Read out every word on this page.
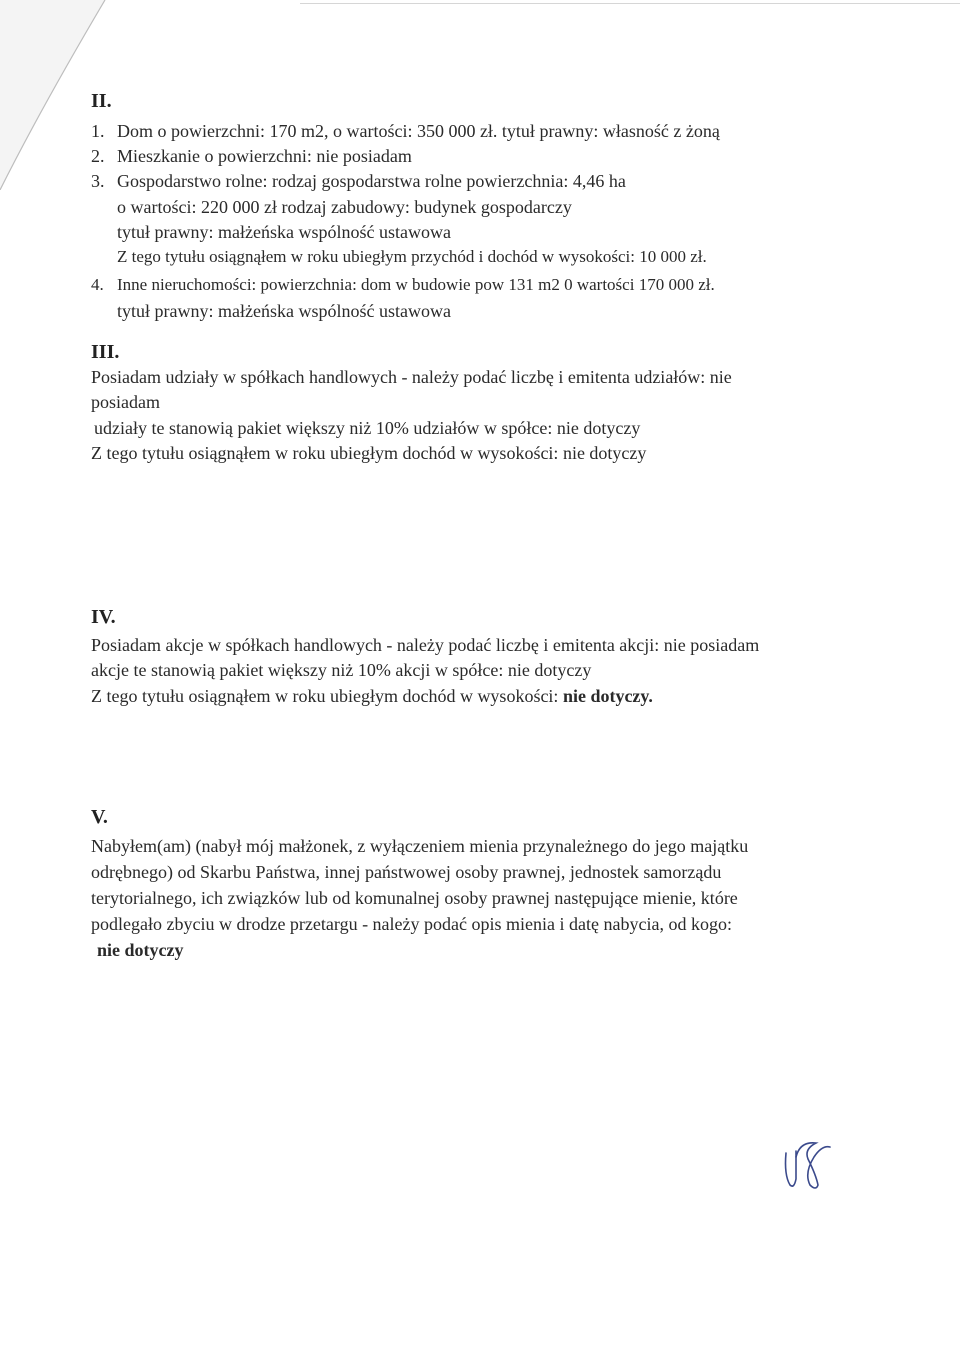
II.
1. Dom o powierzchni: 170 m2, o wartości: 350 000 zł. tytuł prawny: własność z żoną
2. Mieszkanie o powierzchni: nie posiadam
3. Gospodarstwo rolne: rodzaj gospodarstwa rolne powierzchnia: 4,46 ha
o wartości: 220 000 zł rodzaj zabudowy: budynek gospodarczy
tytuł prawny: małżeńska wspólność ustawowa
Z tego tytułu osiągnąłem w roku ubiegłym przychód i dochód w wysokości: 10 000 zł.
4. Inne nieruchomości: powierzchnia: dom w budowie pow 131 m2 0 wartości 170 000 zł.
tytuł prawny: małżeńska wspólność ustawowa
III.
Posiadam udziały w spółkach handlowych - należy podać liczbę i emitenta udziałów: nie
posiadam
udziały te stanowią pakiet większy niż 10% udziałów w spółce: nie dotyczy
Z tego tytułu osiągnąłem w roku ubiegłym dochód w wysokości: nie dotyczy
IV.
Posiadam akcje w spółkach handlowych - należy podać liczbę i emitenta akcji: nie posiadam
akcje te stanowią pakiet większy niż 10% akcji w spółce: nie dotyczy
Z tego tytułu osiągnąłem w roku ubiegłym dochód w wysokości: nie dotyczy.
V.
Nabyłem(am) (nabył mój małżonek, z wyłączeniem mienia przynależnego do jego majątku
odrębnego) od Skarbu Państwa, innej państwowej osoby prawnej, jednostek samorządu
terytorialnego, ich związków lub od komunalnej osoby prawnej następujące mienie, które
podlegało zbyciu w drodze przetargu - należy podać opis mienia i datę nabycia, od kogo:
nie dotyczy
